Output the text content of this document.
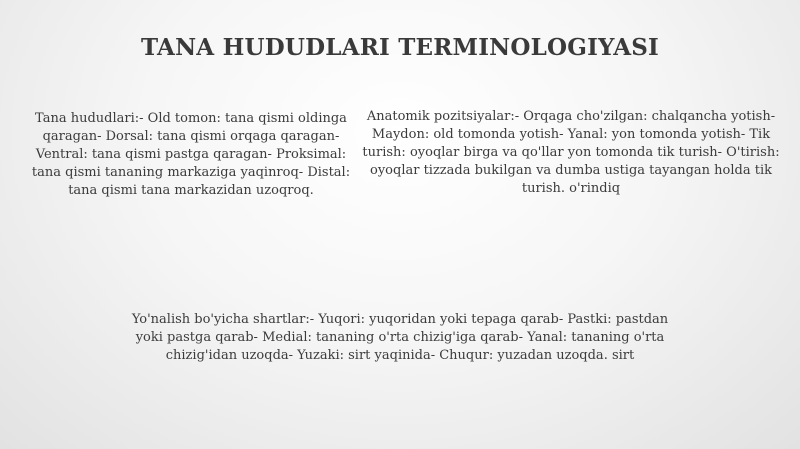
TANA HUDUDLARI TERMINOLOGIYASI

Tana hududlari:- Old tomon: tana qismi oldinga qaragan- Dorsal: tana qismi orqaga qaragan- Ventral: tana qismi pastga qaragan- Proksimal: tana qismi tananing markaziga yaqinroq- Distal: tana qismi tana markazidan uzoqroq.

Anatomik pozitsiyalar:- Orqaga cho'zilgan: chalqancha yotish- Maydon: old tomonda yotish- Yanal: yon tomonda yotish- Tik turish: oyoqlar birga va qo'llar yon tomonda tik turish- O'tirish: oyoqlar tizzada bukilgan va dumba ustiga tayangan holda tik turish. o'rindiq

Yo'nalish bo'yicha shartlar:- Yuqori: yuqoridan yoki tepaga qarab- Pastki: pastdan yoki pastga qarab- Medial: tananing o'rta chizig'iga qarab- Yanal: tananing o'rta chizig'idan uzoqda- Yuzaki: sirt yaqinida- Chuqur: yuzadan uzoqda. sirt
